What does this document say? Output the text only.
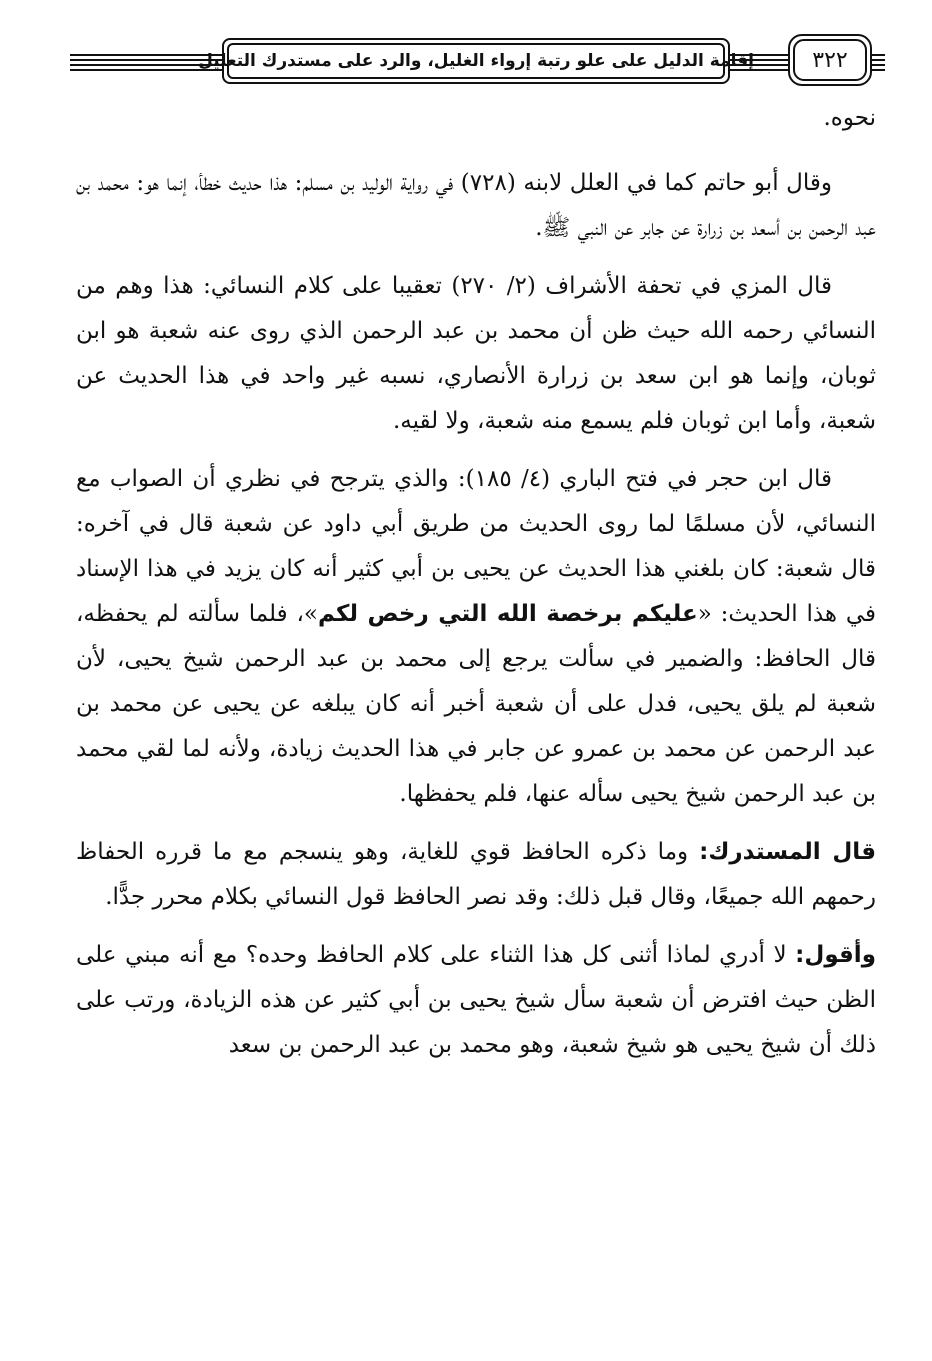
إقامة الدليل على علو رتبة إرواء الغليل، والرد على مستدرك التعليل	٣٢٢

نحوه.

وقال أبو حاتم كما في العلل لابنه (٧٢٨) في رواية الوليد بن مسلم: هذا حديث خطأ، إنما هو: محمد بن عبد الرحمن بن أسعد بن زرارة عن جابر عن النبي ﷺ.

قال المزي في تحفة الأشراف (٢/ ٢٧٠) تعقيبا على كلام النسائي: هذا وهم من النسائي رحمه الله حيث ظن أن محمد بن عبد الرحمن الذي روى عنه شعبة هو ابن ثوبان، وإنما هو ابن سعد بن زرارة الأنصاري، نسبه غير واحد في هذا الحديث عن شعبة، وأما ابن ثوبان فلم يسمع منه شعبة، ولا لقيه.

قال ابن حجر في فتح الباري (٤/ ١٨٥): والذي يترجح في نظري أن الصواب مع النسائي، لأن مسلمًا لما روى الحديث من طريق أبي داود عن شعبة قال في آخره: قال شعبة: كان بلغني هذا الحديث عن يحيى بن أبي كثير أنه كان يزيد في هذا الإسناد في هذا الحديث: «عليكم برخصة الله التي رخص لكم»، فلما سألته لم يحفظه، قال الحافظ: والضمير في سألت يرجع إلى محمد بن عبد الرحمن شيخ يحيى، لأن شعبة لم يلق يحيى، فدل على أن شعبة أخبر أنه كان يبلغه عن يحيى عن محمد بن عبد الرحمن عن محمد بن عمرو عن جابر في هذا الحديث زيادة، ولأنه لما لقي محمد بن عبد الرحمن شيخ يحيى سأله عنها، فلم يحفظها.

قال المستدرك: وما ذكره الحافظ قوي للغاية، وهو ينسجم مع ما قرره الحفاظ رحمهم الله جميعًا، وقال قبل ذلك: وقد نصر الحافظ قول النسائي بكلام محرر جدًّا.

وأقول: لا أدري لماذا أثنى كل هذا الثناء على كلام الحافظ وحده؟ مع أنه مبني على الظن حيث افترض أن شعبة سأل شيخ يحيى بن أبي كثير عن هذه الزيادة، ورتب على ذلك أن شيخ يحيى هو شيخ شعبة، وهو محمد بن عبد الرحمن بن سعد
